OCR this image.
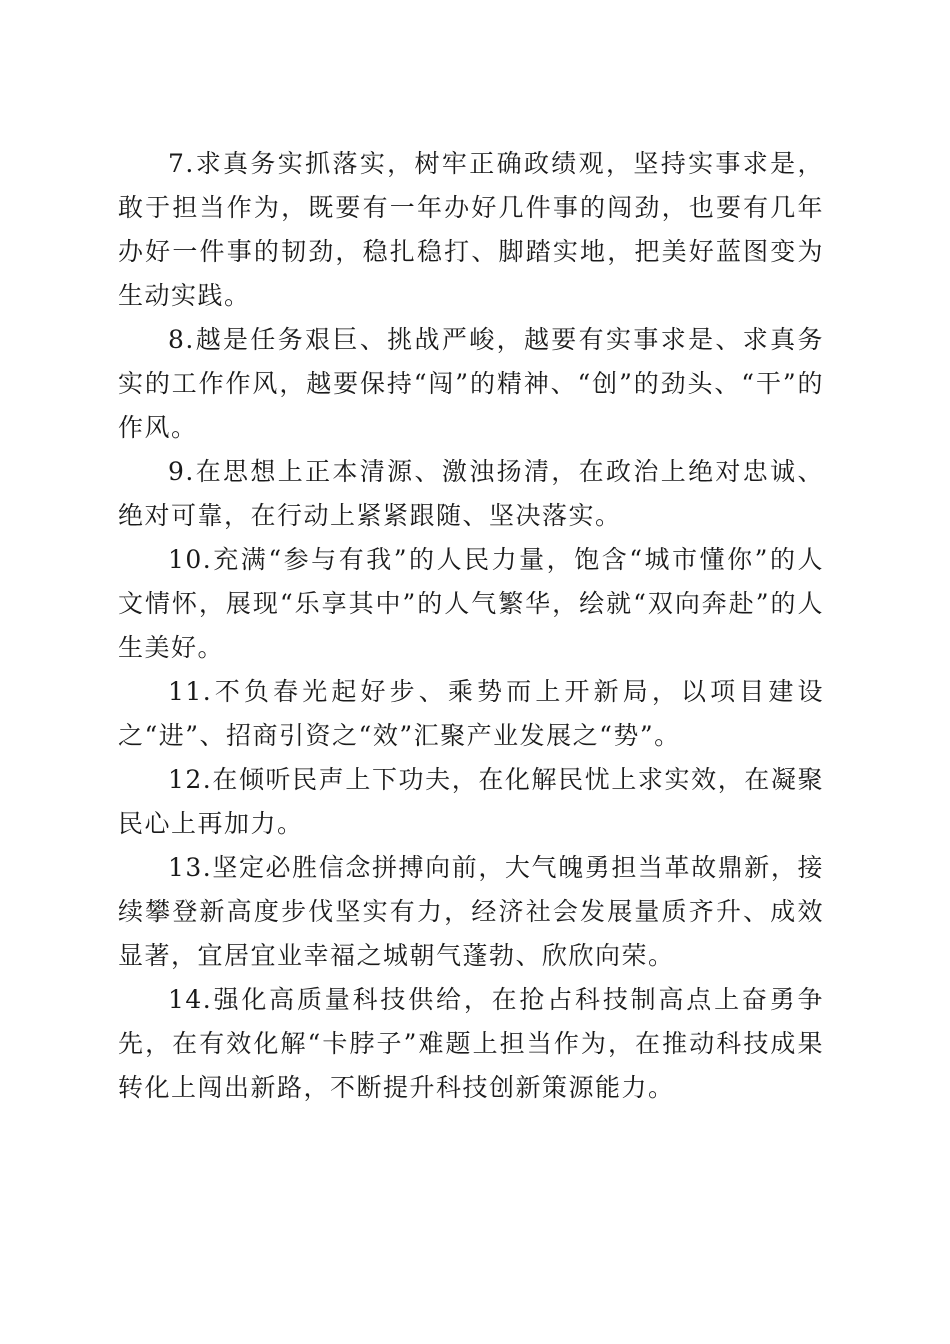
7.求真务实抓落实，树牢正确政绩观，坚持实事求是，敢于担当作为，既要有一年办好几件事的闯劲，也要有几年办好一件事的韧劲，稳扎稳打、脚踏实地，把美好蓝图变为生动实践。

8.越是任务艰巨、挑战严峻，越要有实事求是、求真务实的工作作风，越要保持“闯”的精神、“创”的劲头、“干”的作风。

9.在思想上正本清源、激浊扬清，在政治上绝对忠诚、绝对可靠，在行动上紧紧跟随、坚决落实。

10.充满“参与有我”的人民力量，饱含“城市懂你”的人文情怀，展现“乐享其中”的人气繁华，绘就“双向奔赴”的人生美好。

11.不负春光起好步、乘势而上开新局，以项目建设之“进”、招商引资之“效”汇聚产业发展之“势”。

12.在倾听民声上下功夫，在化解民忧上求实效，在凝聚民心上再加力。

13.坚定必胜信念拼搏向前，大气魄勇担当革故鼎新，接续攀登新高度步伐坚实有力，经济社会发展量质齐升、成效显著，宜居宜业幸福之城朝气蓬勃、欣欣向荣。

14.强化高质量科技供给，在抢占科技制高点上奋勇争先，在有效化解“卡脖子”难题上担当作为，在推动科技成果转化上闯出新路，不断提升科技创新策源能力。
